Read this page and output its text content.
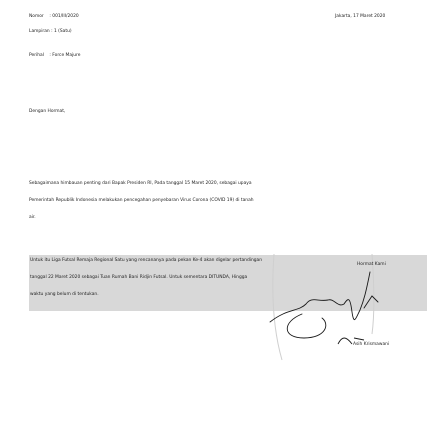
Nomor : 001/III/2020	Jakarta, 17 Maret 2020
Lampiran : 1 (Satu)
Perihal : Force Majure
Dengan Hormat,
Sebagaimana himbauan penting dari Bapak Presiden RI, Pada tanggal 15 Maret 2020, sebagai upaya
Pemerintah Republik Indonesia melakukan pencegahan penyebaran Virus Corona (COVID 19) di tanah
air.
Untuk itu Liga Futsal Remaja Regional Satu yang rencananya pada pekan Ke-4 akan digelar pertandingan
tanggal 22 Maret 2020 sebagai Tuan Rumah Bani Ridjin Futsal. Untuk sementara DITUNDA, Hingga
waktu yang belum di tentukan.
Hormat Kami
Asih Krismawani
